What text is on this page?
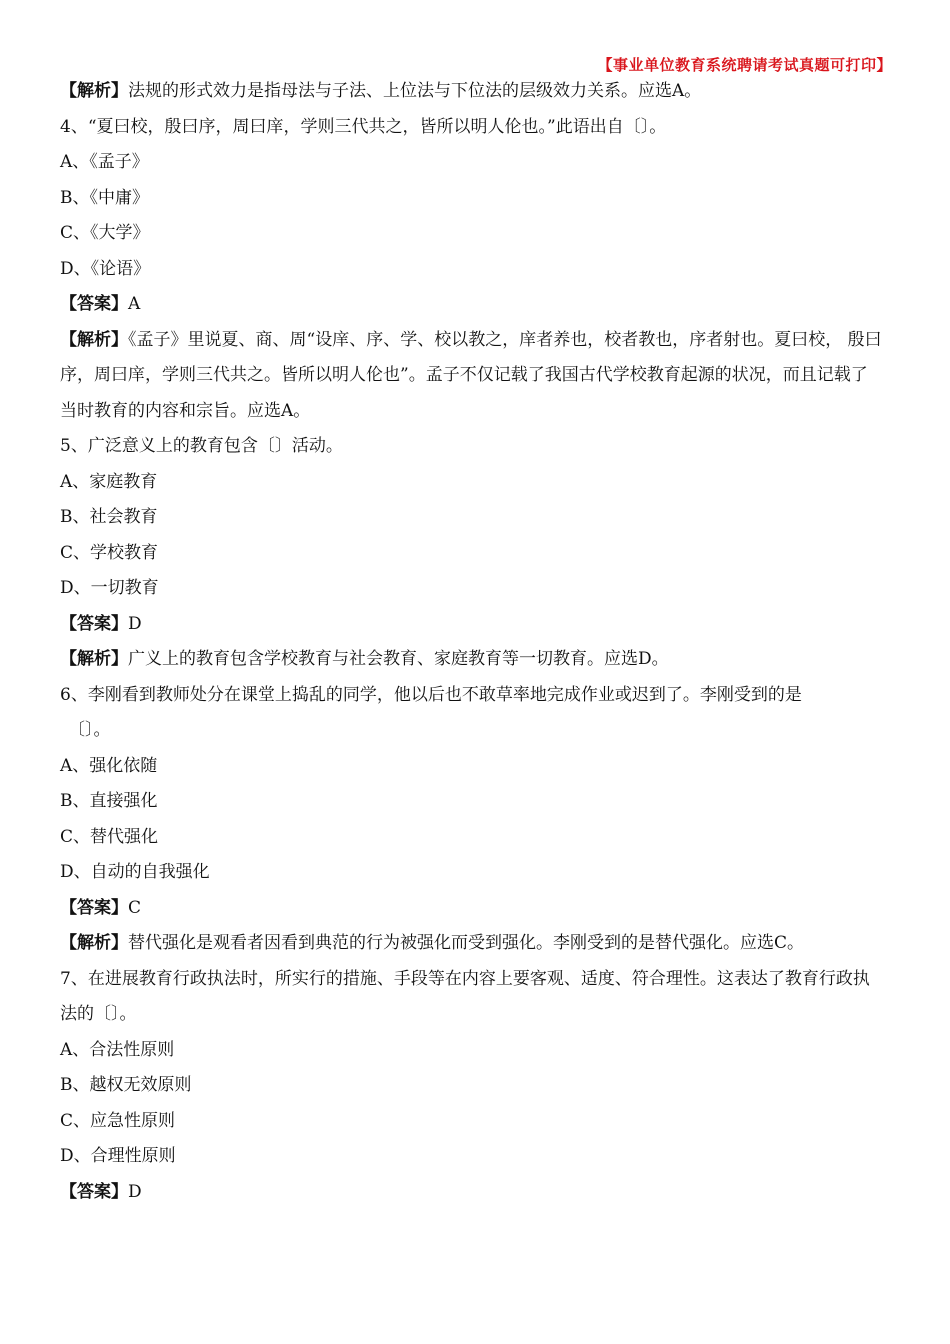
【事业单位教育系统聘请考试真题可打印】

【解析】法规的形式效力是指母法与子法、上位法与下位法的层级效力关系。应选A。

4、“夏曰校，殷曰序，周曰庠，学则三代共之，皆所以明人伦也。”此语出自〔〕。

A、《孟子》

B、《中庸》

C、《大学》

D、《论语》

【答案】A

【解析】《孟子》里说夏、商、周“设庠、序、学、校以教之，庠者养也，校者教也，序者射也。夏曰校， 殷曰序，周曰庠，学则三代共之。皆所以明人伦也”。孟子不仅记载了我国古代学校教育起源的状况，而且记载了当时教育的内容和宗旨。应选A。

5、广泛意义上的教育包含〔〕活动。

A、家庭教育

B、社会教育

C、学校教育

D、一切教育

【答案】D

【解析】广义上的教育包含学校教育与社会教育、家庭教育等一切教育。应选D。

6、李刚看到教师处分在课堂上捣乱的同学，他以后也不敢草率地完成作业或迟到了。李刚受到的是

〔〕。

A、强化依随

B、直接强化

C、替代强化

D、自动的自我强化

【答案】C

【解析】替代强化是观看者因看到典范的行为被强化而受到强化。李刚受到的是替代强化。应选C。

7、在进展教育行政执法时，所实行的措施、手段等在内容上要客观、适度、符合理性。这表达了教育行政执法的〔〕。

A、合法性原则

B、越权无效原则

C、应急性原则

D、合理性原则

【答案】D
